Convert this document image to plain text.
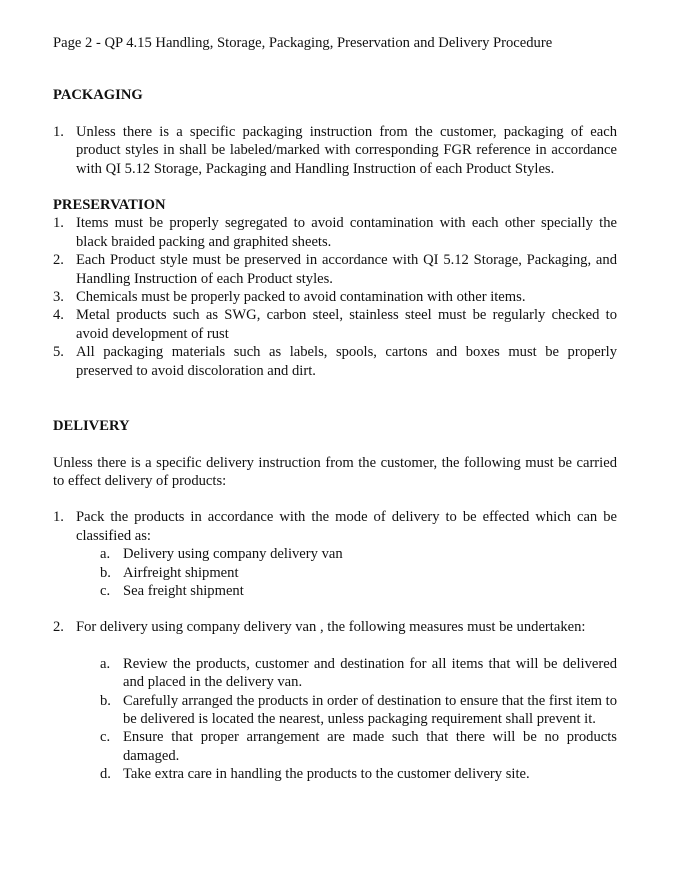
Page 2 - QP 4.15 Handling, Storage, Packaging, Preservation and Delivery Procedure
PACKAGING
1. Unless there is a specific packaging instruction from the customer, packaging of each product styles in shall be labeled/marked with corresponding FGR reference in accordance with QI 5.12 Storage, Packaging and Handling Instruction of each Product Styles.
PRESERVATION
1. Items must be properly segregated to avoid contamination with each other specially the black braided packing and graphited sheets.
2. Each Product style must be preserved in accordance with QI 5.12 Storage, Packaging, and Handling Instruction of each Product styles.
3. Chemicals must be properly packed to avoid contamination with other items.
4. Metal products such as SWG, carbon steel, stainless steel must be regularly checked to avoid development of rust
5. All packaging materials such as labels, spools, cartons and boxes must be properly preserved to avoid discoloration and dirt.
DELIVERY

Unless there is a specific delivery instruction from the customer, the following must be carried to effect delivery of products:

1. Pack the products in accordance with the mode of delivery to be effected which can be classified as:
a. Delivery using company delivery van
b. Airfreight shipment
c. Sea freight shipment
2. For delivery using company delivery van , the following measures must be undertaken:
a. Review the products, customer and destination for all items that will be delivered and placed in the delivery van.
b. Carefully arranged the products in order of destination to ensure that the first item to be delivered is located the nearest, unless packaging requirement shall prevent it.
c. Ensure that proper arrangement are made such that there will be no products damaged.
d. Take extra care in handling the products to the customer delivery site.
